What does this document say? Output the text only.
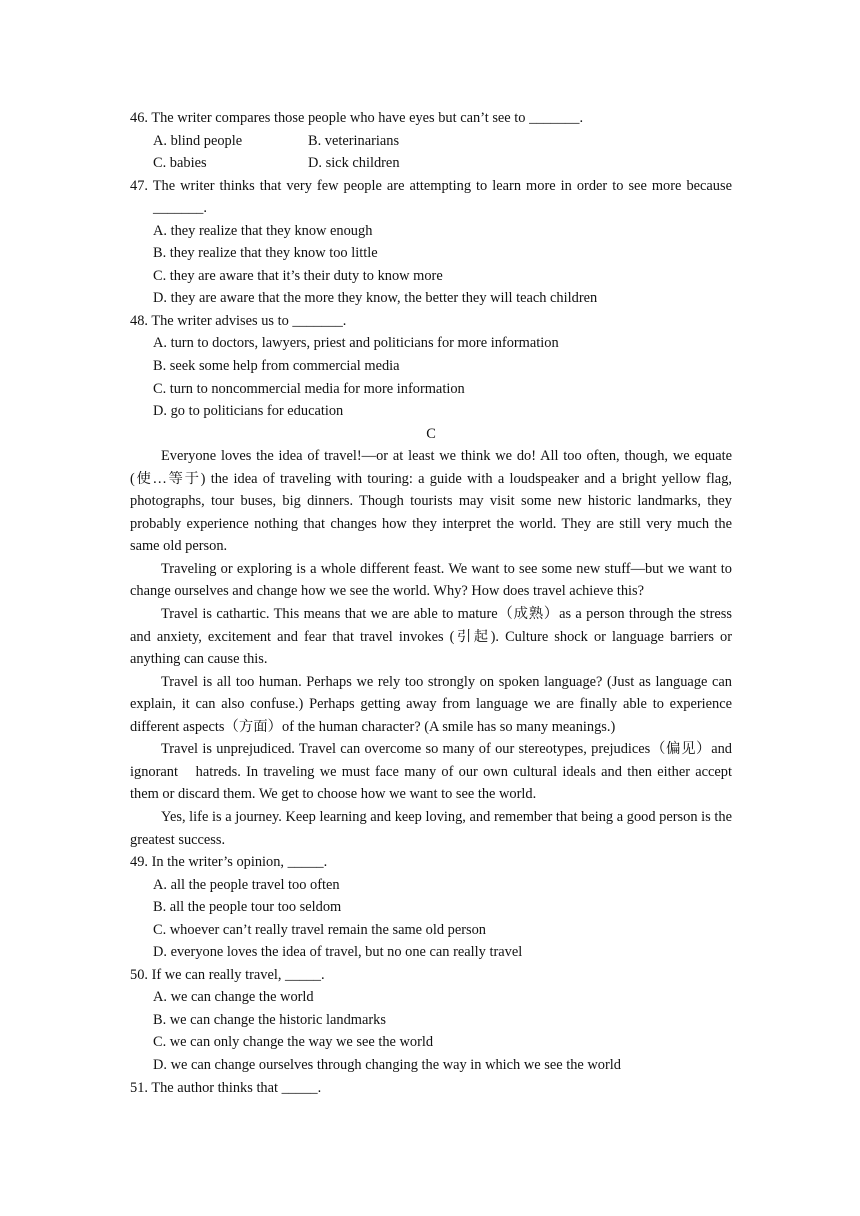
46. The writer compares those people who have eyes but can’t see to _______.
A. blind people	B. veterinarians
C. babies	D. sick children
47. The writer thinks that very few people are attempting to learn more in order to see more because _______.
A. they realize that they know enough
B. they realize that they know too little
C. they are aware that it’s their duty to know more
D. they are aware that the more they know, the better they will teach children
48. The writer advises us to _______.
A. turn to doctors, lawyers, priest and politicians for more information
B. seek some help from commercial media
C. turn to noncommercial media for more information
D. go to politicians for education
C
Everyone loves the idea of travel!—or at least we think we do! All too often, though, we equate (使…等于) the idea of traveling with touring: a guide with a loudspeaker and a bright yellow flag, photographs, tour buses, big dinners. Though tourists may visit some new historic landmarks, they probably experience nothing that changes how they interpret the world. They are still very much the same old person.
Traveling or exploring is a whole different feast. We want to see some new stuff—but we want to change ourselves and change how we see the world. Why? How does travel achieve this?
Travel is cathartic. This means that we are able to mature（成熟）as a person through the stress and anxiety, excitement and fear that travel invokes (引起). Culture shock or language barriers or anything can cause this.
Travel is all too human. Perhaps we rely too strongly on spoken language? (Just as language can explain, it can also confuse.) Perhaps getting away from language we are finally able to experience different aspects（方面）of the human character? (A smile has so many meanings.)
Travel is unprejudiced. Travel can overcome so many of our stereotypes, prejudices（偏见）and ignorant　hatreds. In traveling we must face many of our own cultural ideals and then either accept them or discard them. We get to choose how we want to see the world.
Yes, life is a journey. Keep learning and keep loving, and remember that being a good person is the greatest success.
49. In the writer’s opinion, _____.
A. all the people travel too often
B. all the people tour too seldom
C. whoever can’t really travel remain the same old person
D. everyone loves the idea of travel, but no one can really travel
50. If we can really travel, _____.
A. we can change the world
B. we can change the historic landmarks
C. we can only change the way we see the world
D. we can change ourselves through changing the way in which we see the world
51. The author thinks that _____.
